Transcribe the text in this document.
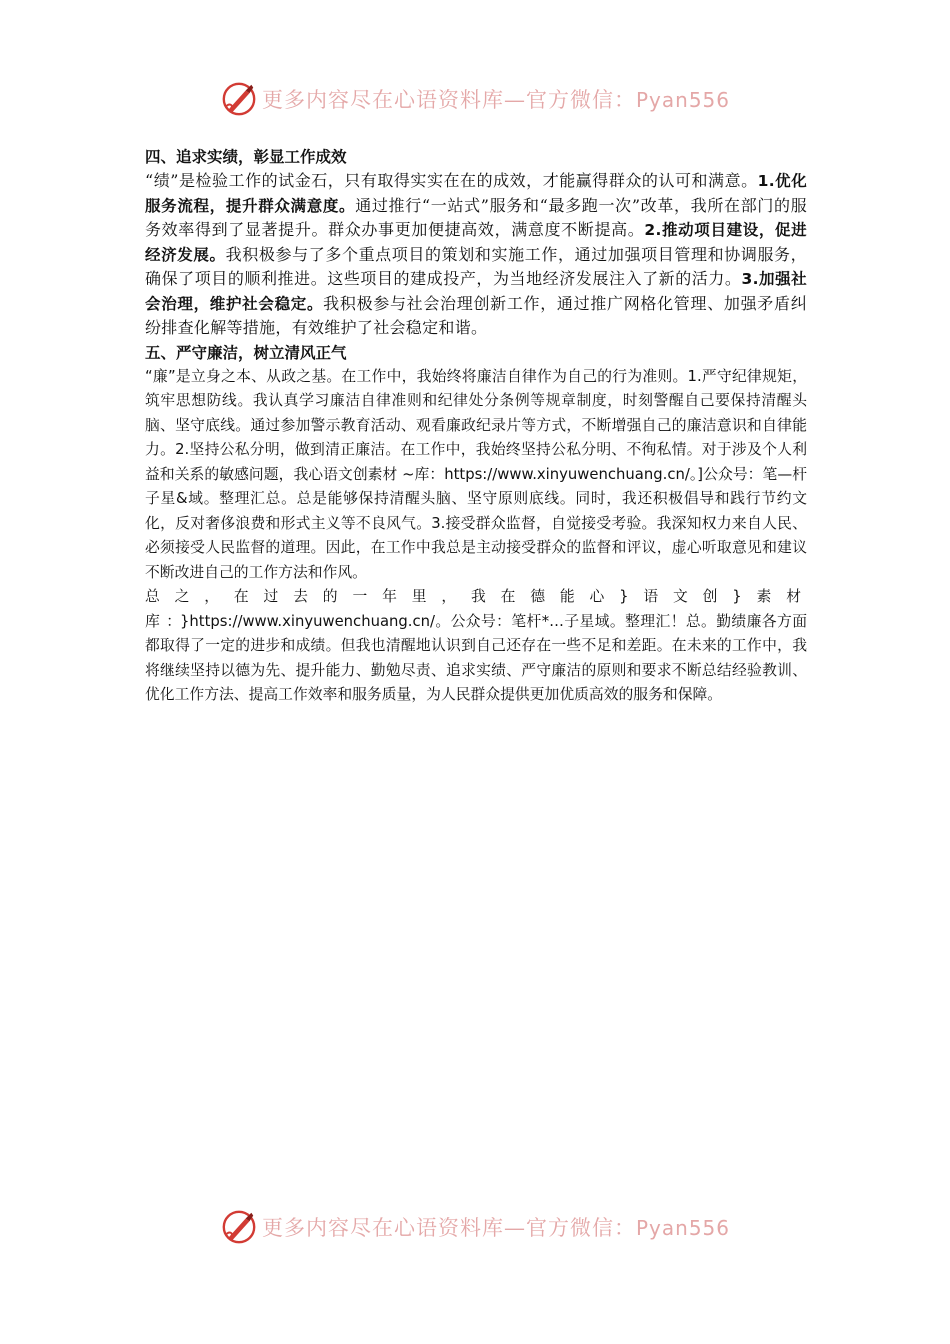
更多内容尽在心语资料库—官方微信：Pyan556

四、追求实绩，彰显工作成效

“绩”是检验工作的试金石，只有取得实实在在的成效，才能赢得群众的认可和满意。1.优化服务流程，提升群众满意度。通过推行“一站式”服务和“最多跑一次”改革，我所在部门的服务效率得到了显著提升。群众办事更加便捷高效，满意度不断提高。2.推动项目建设，促进经济发展。我积极参与了多个重点项目的策划和实施工作，通过加强项目管理和协调服务，确保了项目的顺利推进。这些项目的建成投产，为当地经济发展注入了新的活力。3.加强社会治理，维护社会稳定。我积极参与社会治理创新工作，通过推广网格化管理、加强矛盾纠纷排查化解等措施，有效维护了社会稳定和谐。

五、严守廉洁，树立清风正气

“廉”是立身之本、从政之基。在工作中，我始终将廉洁自律作为自己的行为准则。1.严守纪律规矩，筑牢思想防线。我认真学习廉洁自律准则和纪律处分条例等规章制度，时刻警醒自己要保持清醒头脑、坚守底线。通过参加警示教育活动、观看廉政纪录片等方式，不断增强自己的廉洁意识和自律能力。2.坚持公私分明，做到清正廉洁。在工作中，我始终坚持公私分明、不徇私情。对于涉及个人利益和关系的敏感问题，我心语文创素材 ~库：https://www.xinyuwenchuang.cn/。]公众号：笔—杆子星&域。整理汇总。总是能够保持清醒头脑、坚守原则底线。同时，我还积极倡导和践行节约文化，反对奢侈浪费和形式主义等不良风气。3.接受群众监督，自觉接受考验。我深知权力来自人民、必须接受人民监督的道理。因此，在工作中我总是主动接受群众的监督和评议，虚心听取意见和建议不断改进自己的工作方法和作风。

总之，在过去的一年里，我在德能心}语文创}素材库：}https://www.xinyuwenchuang.cn/。公众号：笔杆*…子星域。整理汇！总。勤绩廉各方面都取得了一定的进步和成绩。但我也清醒地认识到自己还存在一些不足和差距。在未来的工作中，我将继续坚持以德为先、提升能力、勤勉尽责、追求实绩、严守廉洁的原则和要求不断总结经验教训、优化工作方法、提高工作效率和服务质量，为人民群众提供更加优质高效的服务和保障。

更多内容尽在心语资料库—官方微信：Pyan556
